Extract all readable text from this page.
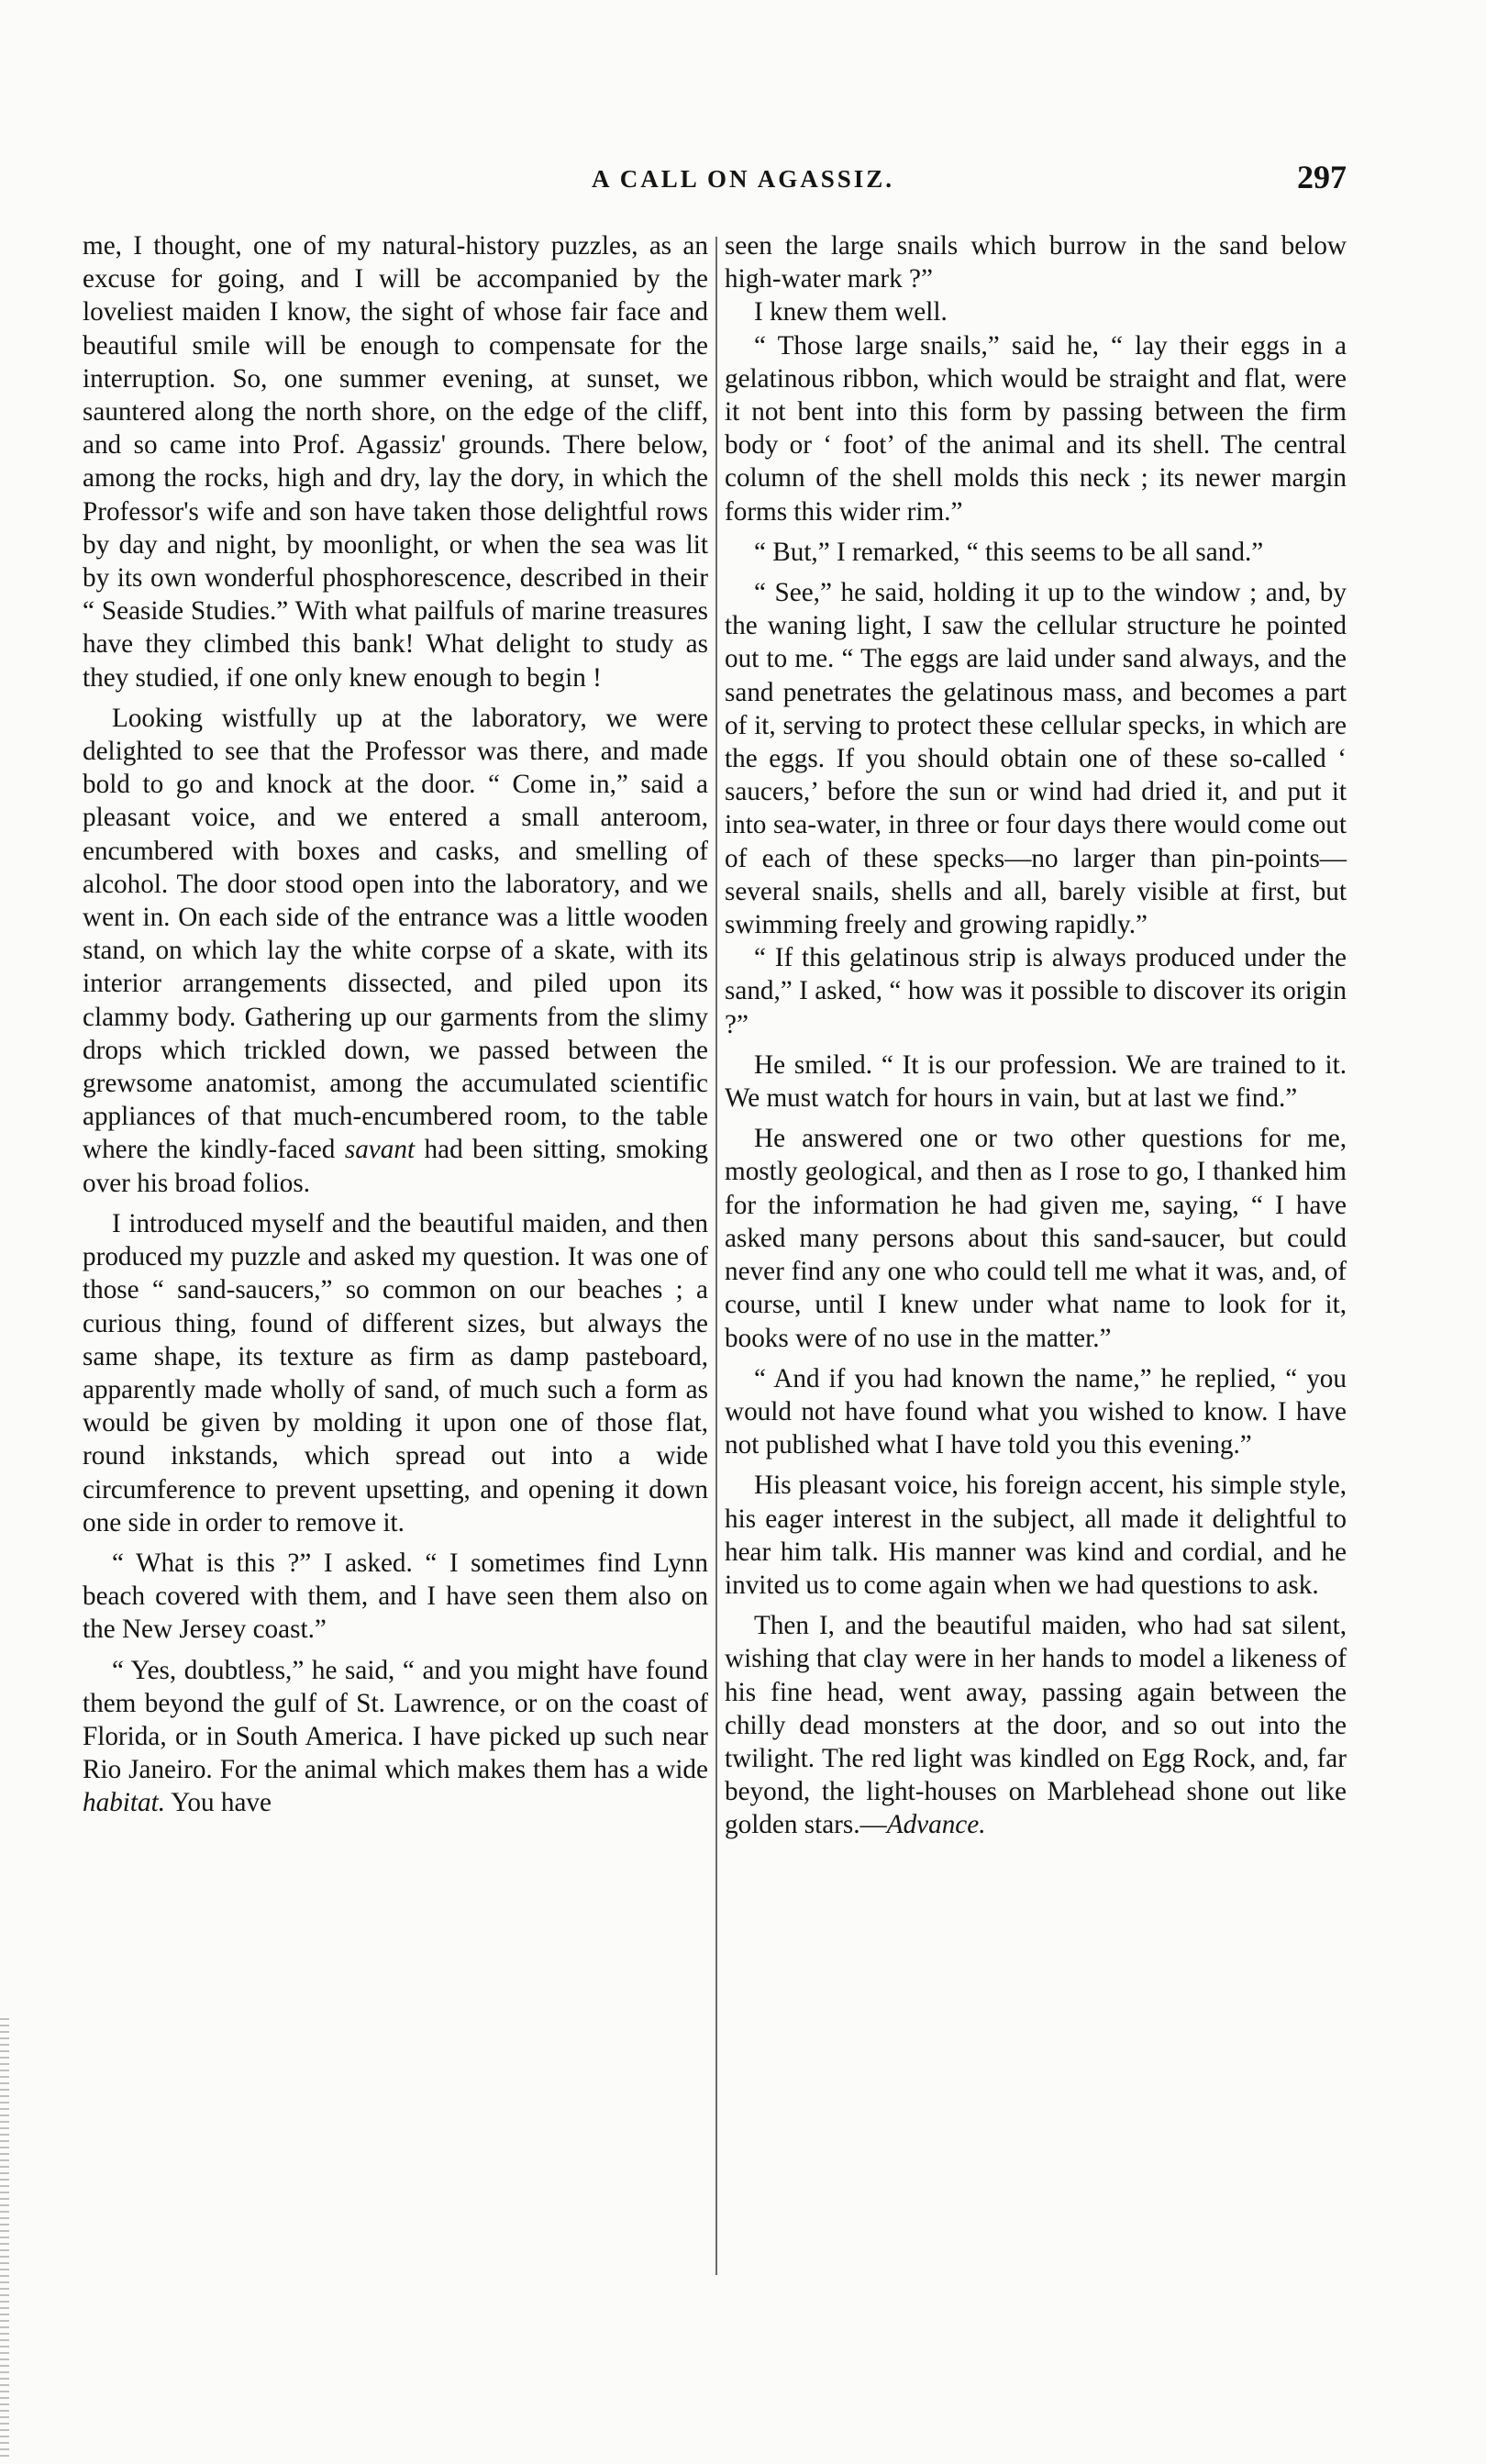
A CALL ON AGASSIZ.	297

me, I thought, one of my natural-history puzzles, as an excuse for going, and I will be accompanied by the loveliest maiden I know, the sight of whose fair face and beautiful smile will be enough to compensate for the interruption. So, one summer evening, at sunset, we sauntered along the north shore, on the edge of the cliff, and so came into Prof. Agassiz' grounds. There below, among the rocks, high and dry, lay the dory, in which the Professor's wife and son have taken those delightful rows by day and night, by moonlight, or when the sea was lit by its own wonderful phosphorescence, described in their “ Seaside Studies.” With what pailfuls of marine treasures have they climbed this bank! What delight to study as they studied, if one only knew enough to begin !

Looking wistfully up at the laboratory, we were delighted to see that the Professor was there, and made bold to go and knock at the door. “ Come in,” said a pleasant voice, and we entered a small anteroom, encumbered with boxes and casks, and smelling of alcohol. The door stood open into the laboratory, and we went in. On each side of the entrance was a little wooden stand, on which lay the white corpse of a skate, with its interior arrangements dissected, and piled upon its clammy body. Gathering up our garments from the slimy drops which trickled down, we passed between the grewsome anatomist, among the accumulated scientific appliances of that much-encumbered room, to the table where the kindly-faced savant had been sitting, smoking over his broad folios.

I introduced myself and the beautiful maiden, and then produced my puzzle and asked my question. It was one of those “ sand-saucers,” so common on our beaches ; a curious thing, found of different sizes, but always the same shape, its texture as firm as damp pasteboard, apparently made wholly of sand, of much such a form as would be given by molding it upon one of those flat, round inkstands, which spread out into a wide circumference to prevent upsetting, and opening it down one side in order to remove it.

“ What is this ?” I asked. “ I sometimes find Lynn beach covered with them, and I have seen them also on the New Jersey coast.”

“ Yes, doubtless,” he said, “ and you might have found them beyond the gulf of St. Lawrence, or on the coast of Florida, or in South America. I have picked up such near Rio Janeiro. For the animal which makes them has a wide habitat. You have

seen the large snails which burrow in the sand below high-water mark ?”

I knew them well.

“ Those large snails,” said he, “ lay their eggs in a gelatinous ribbon, which would be straight and flat, were it not bent into this form by passing between the firm body or ‘ foot’ of the animal and its shell. The central column of the shell molds this neck ; its newer margin forms this wider rim.”

“ But,” I remarked, “ this seems to be all sand.”

“ See,” he said, holding it up to the window ; and, by the waning light, I saw the cellular structure he pointed out to me. “ The eggs are laid under sand always, and the sand penetrates the gelatinous mass, and becomes a part of it, serving to protect these cellular specks, in which are the eggs. If you should obtain one of these so-called ‘ saucers,’ before the sun or wind had dried it, and put it into sea-water, in three or four days there would come out of each of these specks—no larger than pin-points—several snails, shells and all, barely visible at first, but swimming freely and growing rapidly.”

“ If this gelatinous strip is always produced under the sand,” I asked, “ how was it possible to discover its origin ?”

He smiled. “ It is our profession. We are trained to it. We must watch for hours in vain, but at last we find.”

He answered one or two other questions for me, mostly geological, and then as I rose to go, I thanked him for the information he had given me, saying, “ I have asked many persons about this sand-saucer, but could never find any one who could tell me what it was, and, of course, until I knew under what name to look for it, books were of no use in the matter.”

“ And if you had known the name,” he replied, “ you would not have found what you wished to know. I have not published what I have told you this evening.”

His pleasant voice, his foreign accent, his simple style, his eager interest in the subject, all made it delightful to hear him talk. His manner was kind and cordial, and he invited us to come again when we had questions to ask.

Then I, and the beautiful maiden, who had sat silent, wishing that clay were in her hands to model a likeness of his fine head, went away, passing again between the chilly dead monsters at the door, and so out into the twilight. The red light was kindled on Egg Rock, and, far beyond, the light-houses on Marblehead shone out like golden stars.—Advance.
